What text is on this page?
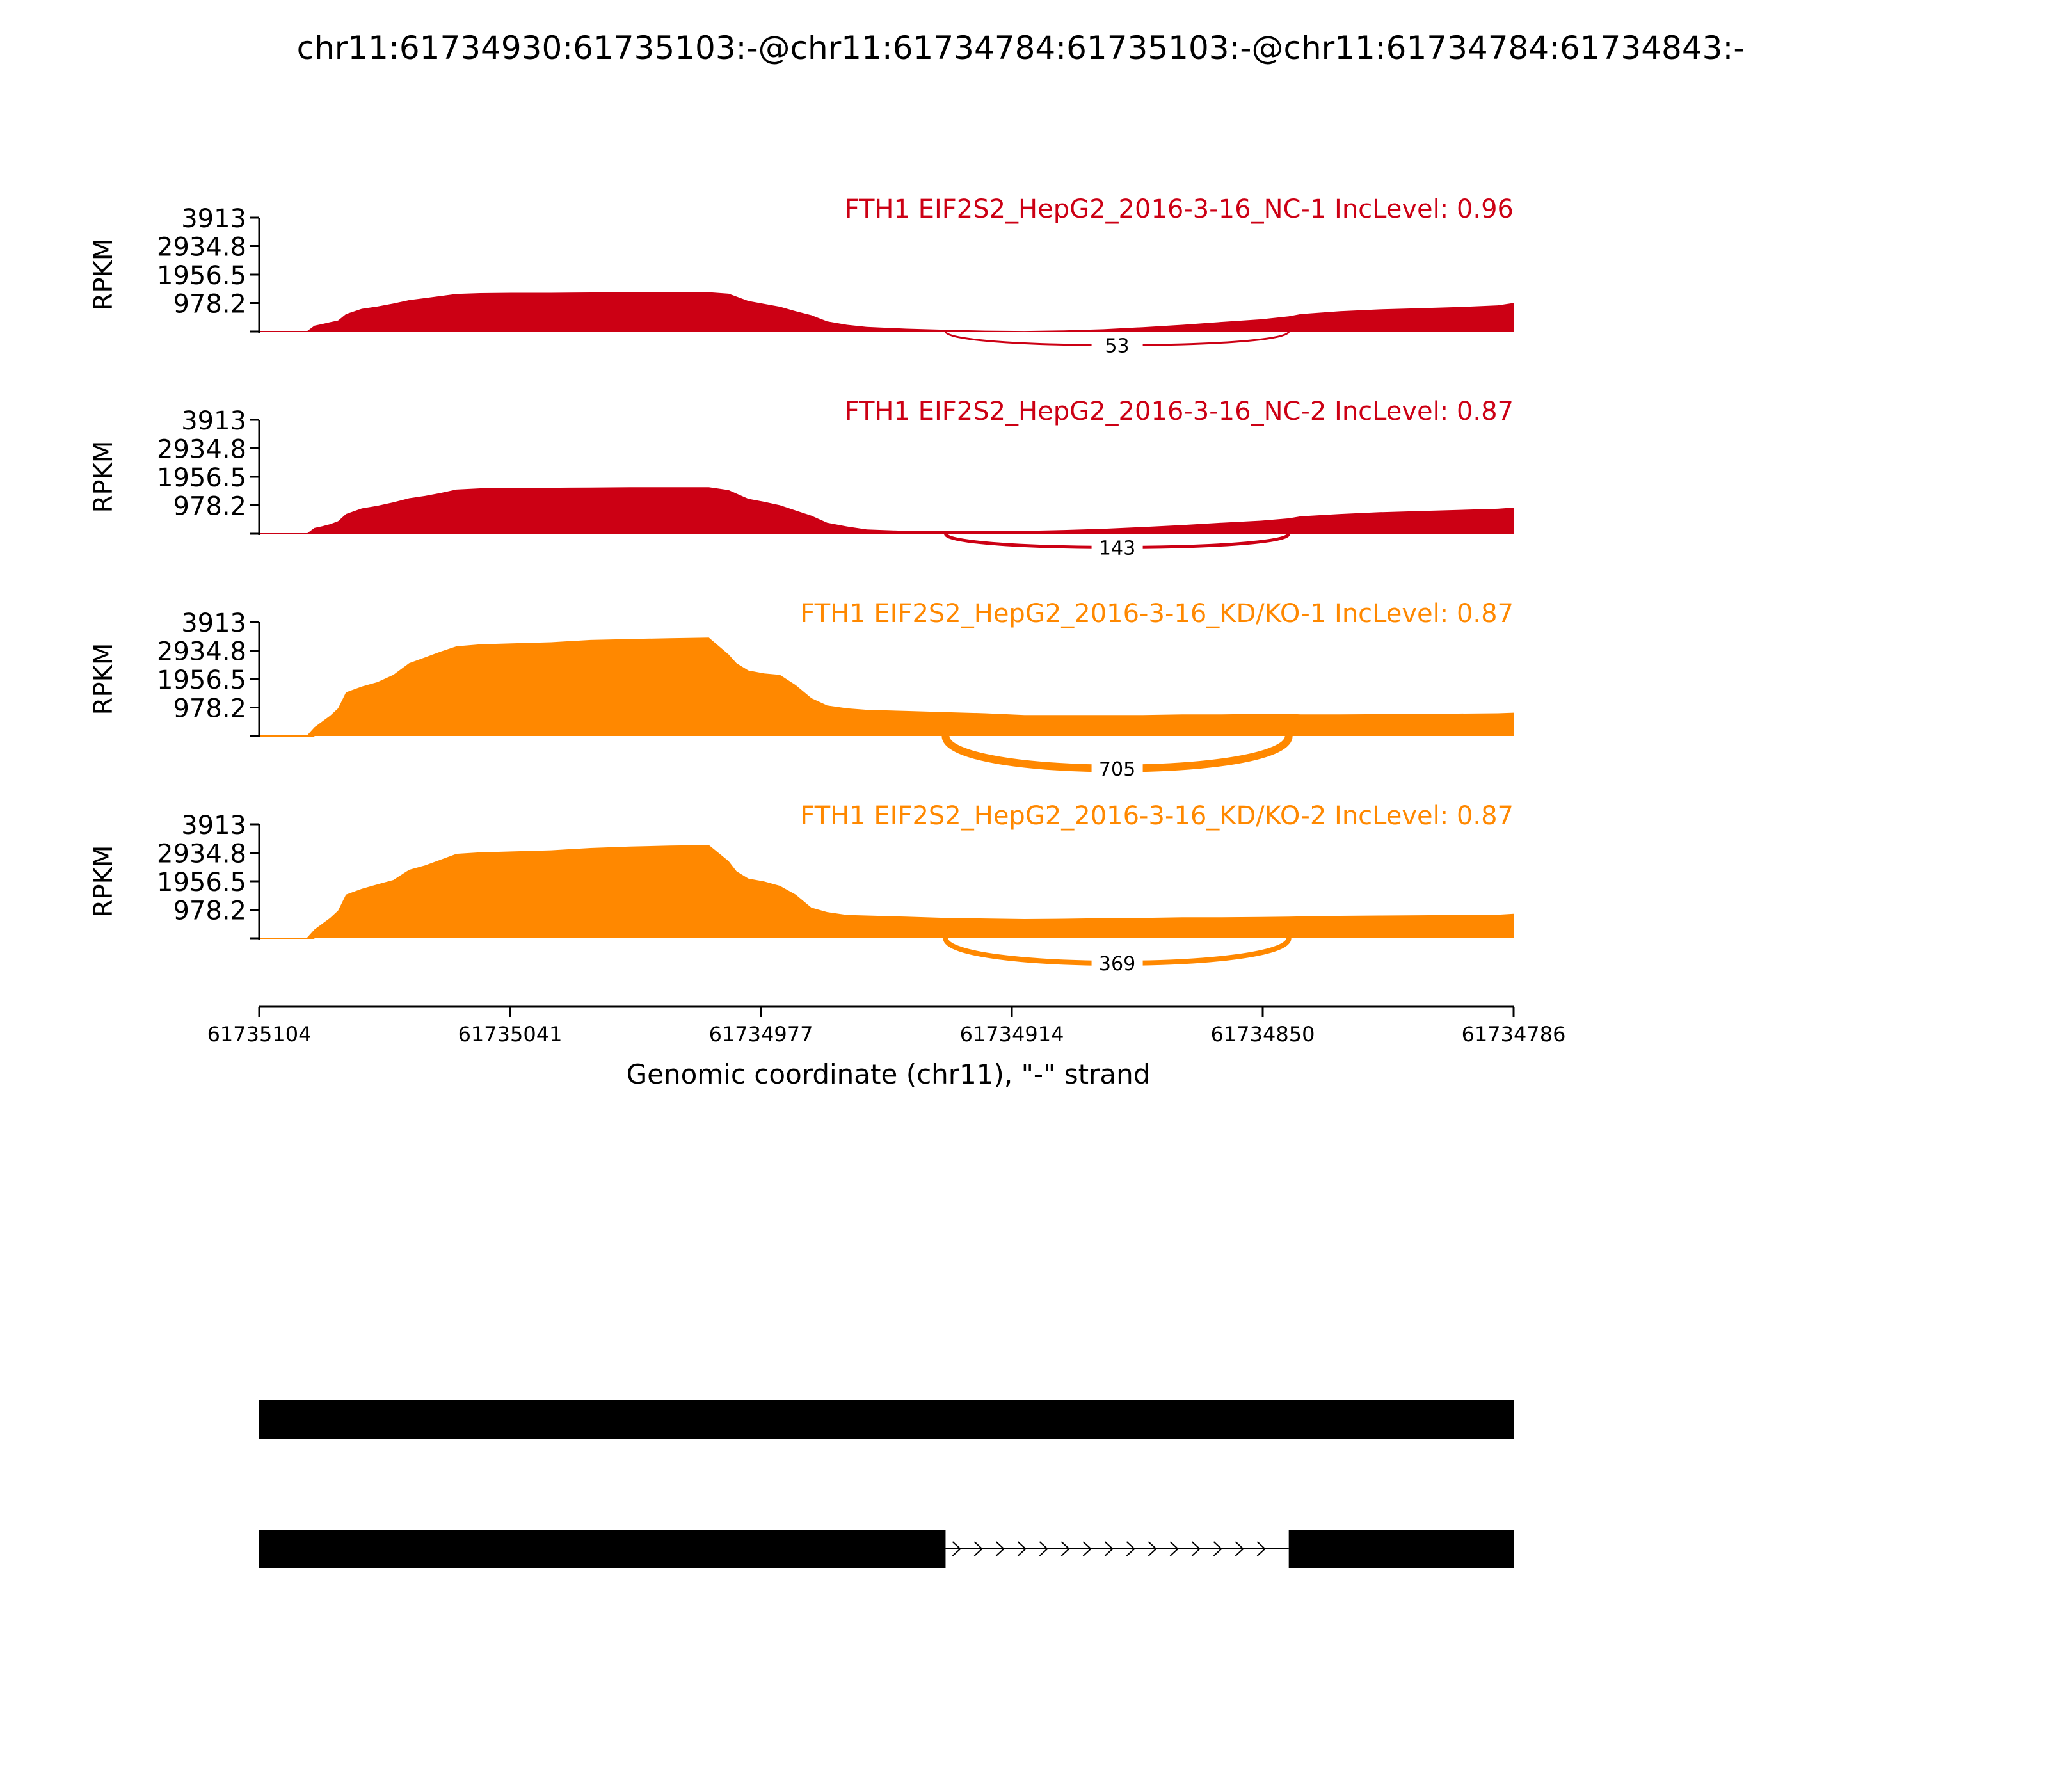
chr11:61734930:61735103:-@chr11:61734784:61735103:-@chr11:61734784:61734843:-
3913
2934.8
1956.5
978.2
RPKM
FTH1 EIF2S2_HepG2_2016-3-16_NC-1 IncLevel: 0.96
53
3913
2934.8
1956.5
978.2
RPKM
FTH1 EIF2S2_HepG2_2016-3-16_NC-2 IncLevel: 0.87
143
3913
2934.8
1956.5
978.2
RPKM
FTH1 EIF2S2_HepG2_2016-3-16_KD/KO-1 IncLevel: 0.87
705
3913
2934.8
1956.5
978.2
RPKM
FTH1 EIF2S2_HepG2_2016-3-16_KD/KO-2 IncLevel: 0.87
369
61735104	61735041	61734977	61734914	61734850	61734786
Genomic coordinate (chr11), "-" strand
